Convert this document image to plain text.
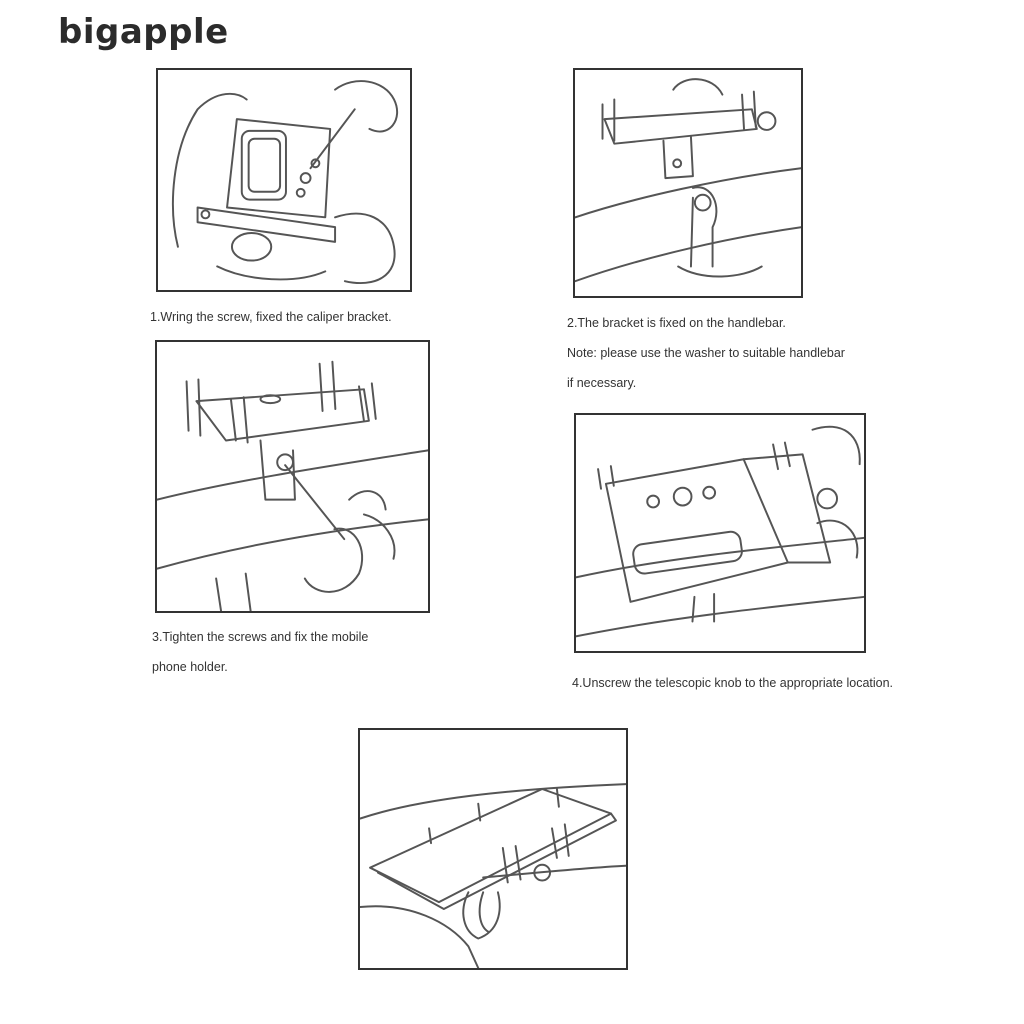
bigapple
1.Wring the screw, fixed the caliper bracket.	2.The bracket is fixed on the handlebar.
Note: please use the washer to suitable handlebar
if necessary.
3.Tighten the screws and fix the mobile
phone holder.
4.Unscrew the telescopic knob to the appropriate location.
